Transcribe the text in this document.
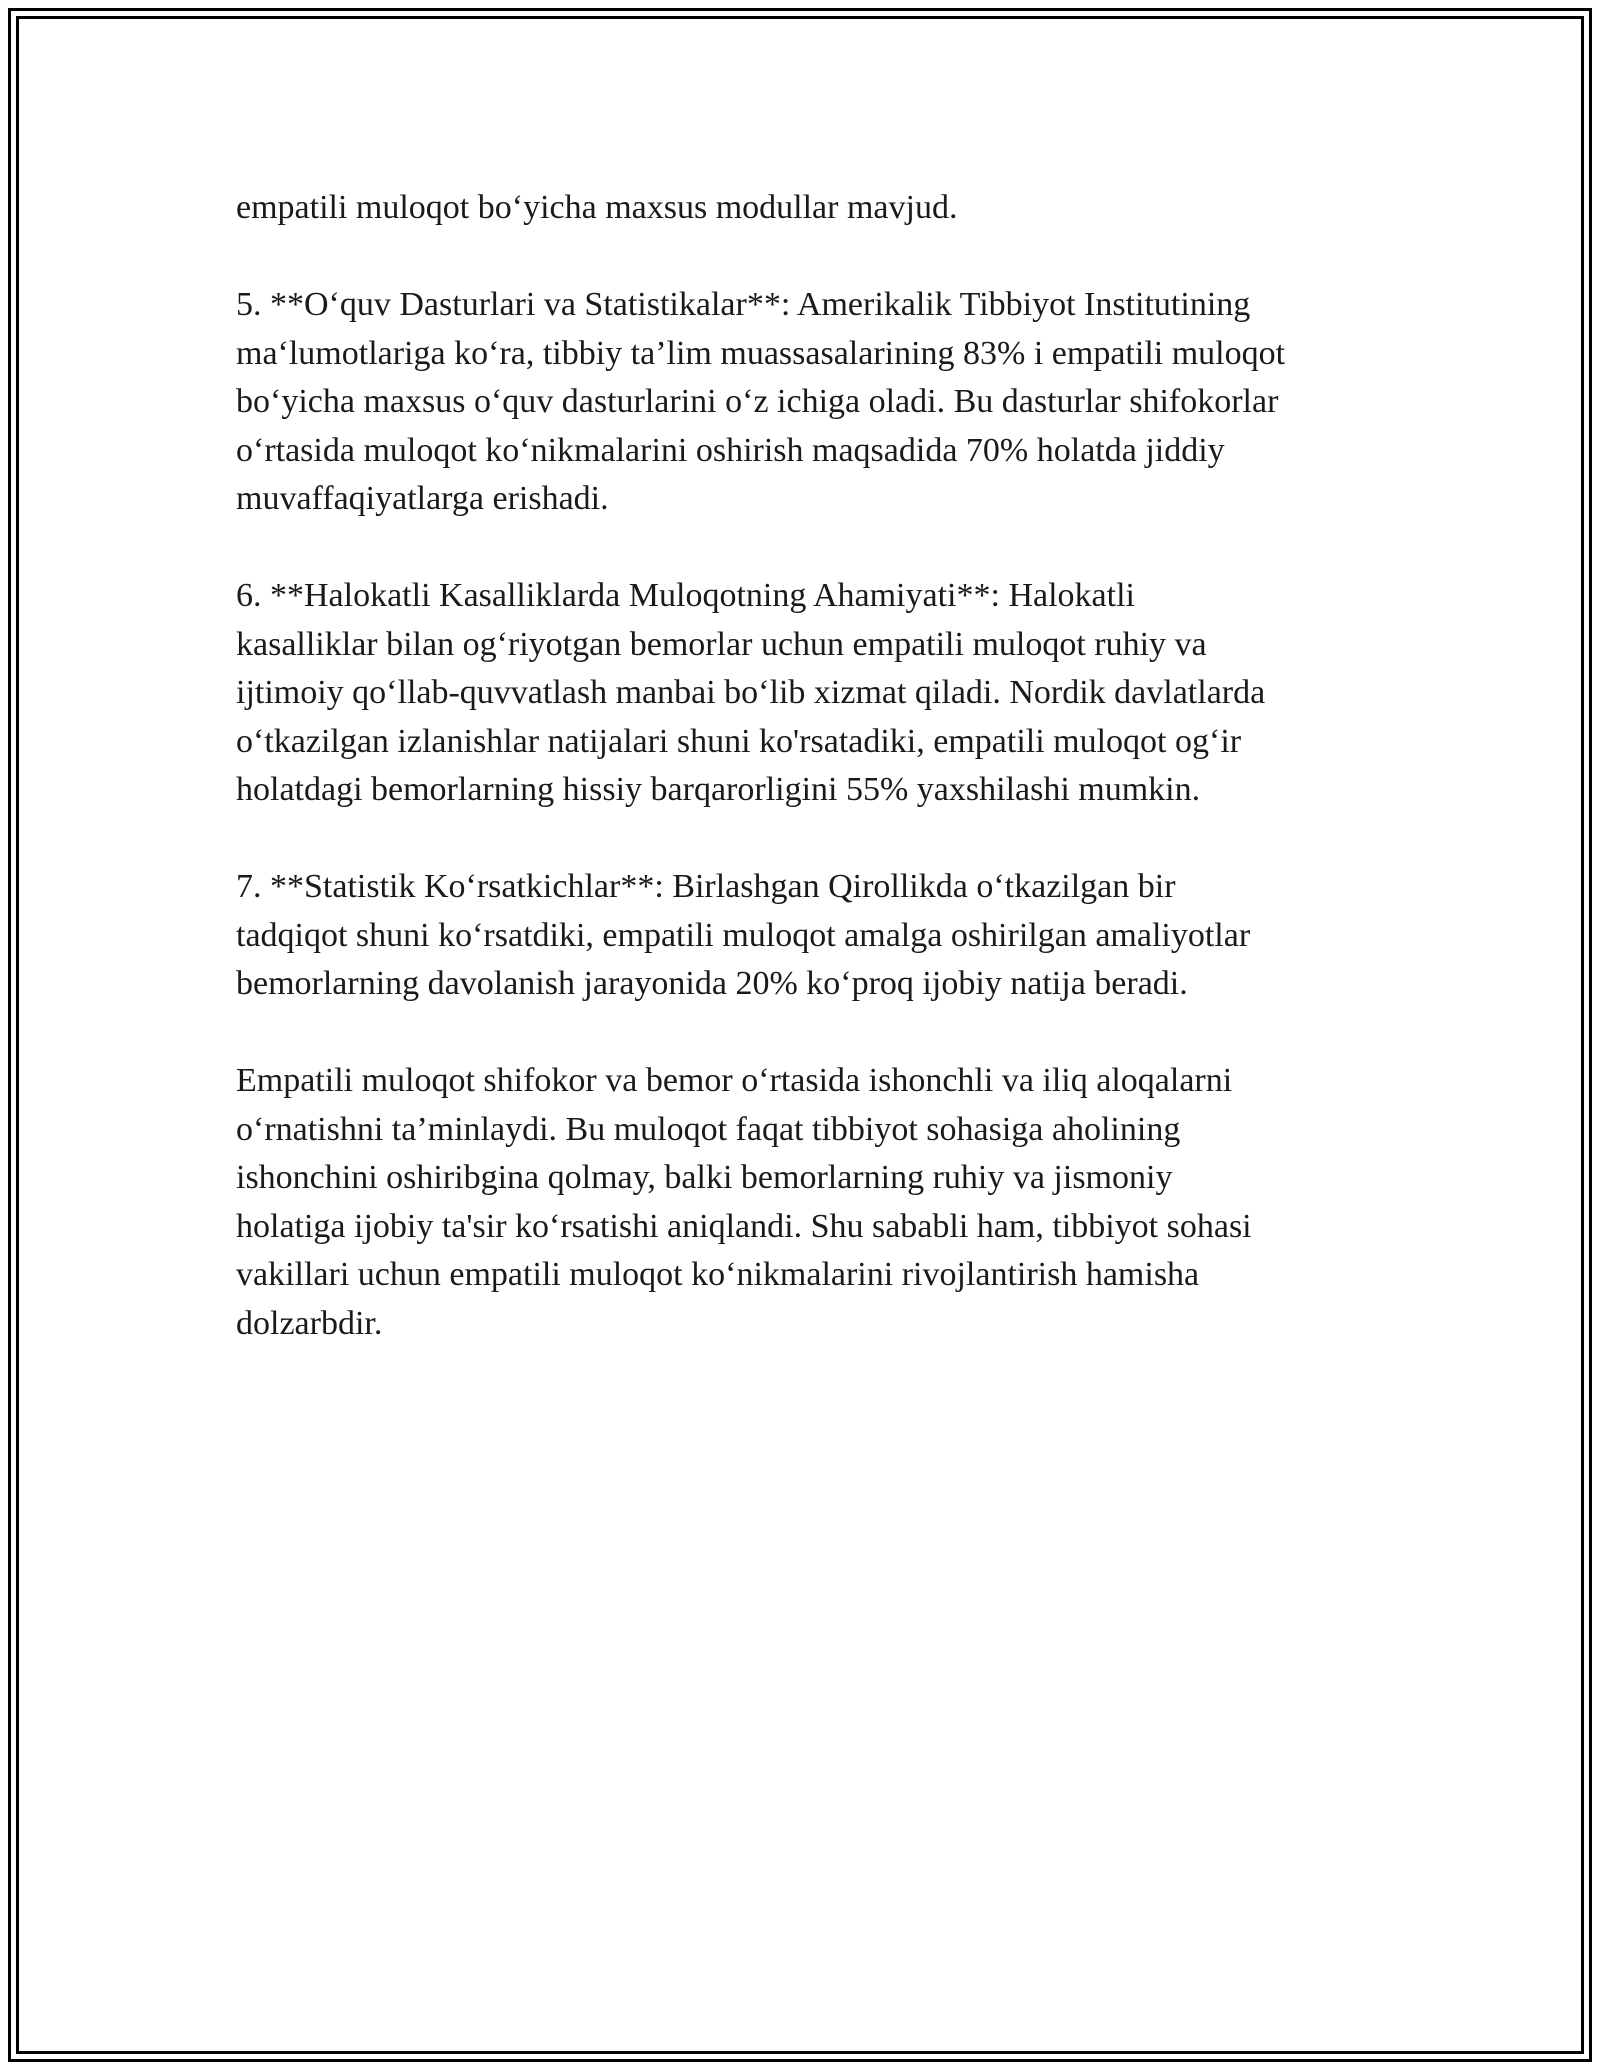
empatili muloqot bo‘yicha maxsus modullar mavjud.

5. **O‘quv Dasturlari va Statistikalar**: Amerikalik Tibbiyot Institutining
ma‘lumotlariga ko‘ra, tibbiy ta’lim muassasalarining 83% i empatili muloqot
bo‘yicha maxsus o‘quv dasturlarini o‘z ichiga oladi. Bu dasturlar shifokorlar
o‘rtasida muloqot ko‘nikmalarini oshirish maqsadida 70% holatda jiddiy
muvaffaqiyatlarga erishadi.

6. **Halokatli Kasalliklarda Muloqotning Ahamiyati**: Halokatli
kasalliklar bilan og‘riyotgan bemorlar uchun empatili muloqot ruhiy va
ijtimoiy qo‘llab-quvvatlash manbai bo‘lib xizmat qiladi. Nordik davlatlarda
o‘tkazilgan izlanishlar natijalari shuni ko'rsatadiki, empatili muloqot og‘ir
holatdagi bemorlarning hissiy barqarorligini 55% yaxshilashi mumkin.

7. **Statistik Ko‘rsatkichlar**: Birlashgan Qirollikda o‘tkazilgan bir
tadqiqot shuni ko‘rsatdiki, empatili muloqot amalga oshirilgan amaliyotlar
bemorlarning davolanish jarayonida 20% ko‘proq ijobiy natija beradi.

Empatili muloqot shifokor va bemor o‘rtasida ishonchli va iliq aloqalarni
o‘rnatishni ta’minlaydi. Bu muloqot faqat tibbiyot sohasiga aholining
ishonchini oshiribgina qolmay, balki bemorlarning ruhiy va jismoniy
holatiga ijobiy ta'sir ko‘rsatishi aniqlandi. Shu sababli ham, tibbiyot sohasi
vakillari uchun empatili muloqot ko‘nikmalarini rivojlantirish hamisha
dolzarbdir.
